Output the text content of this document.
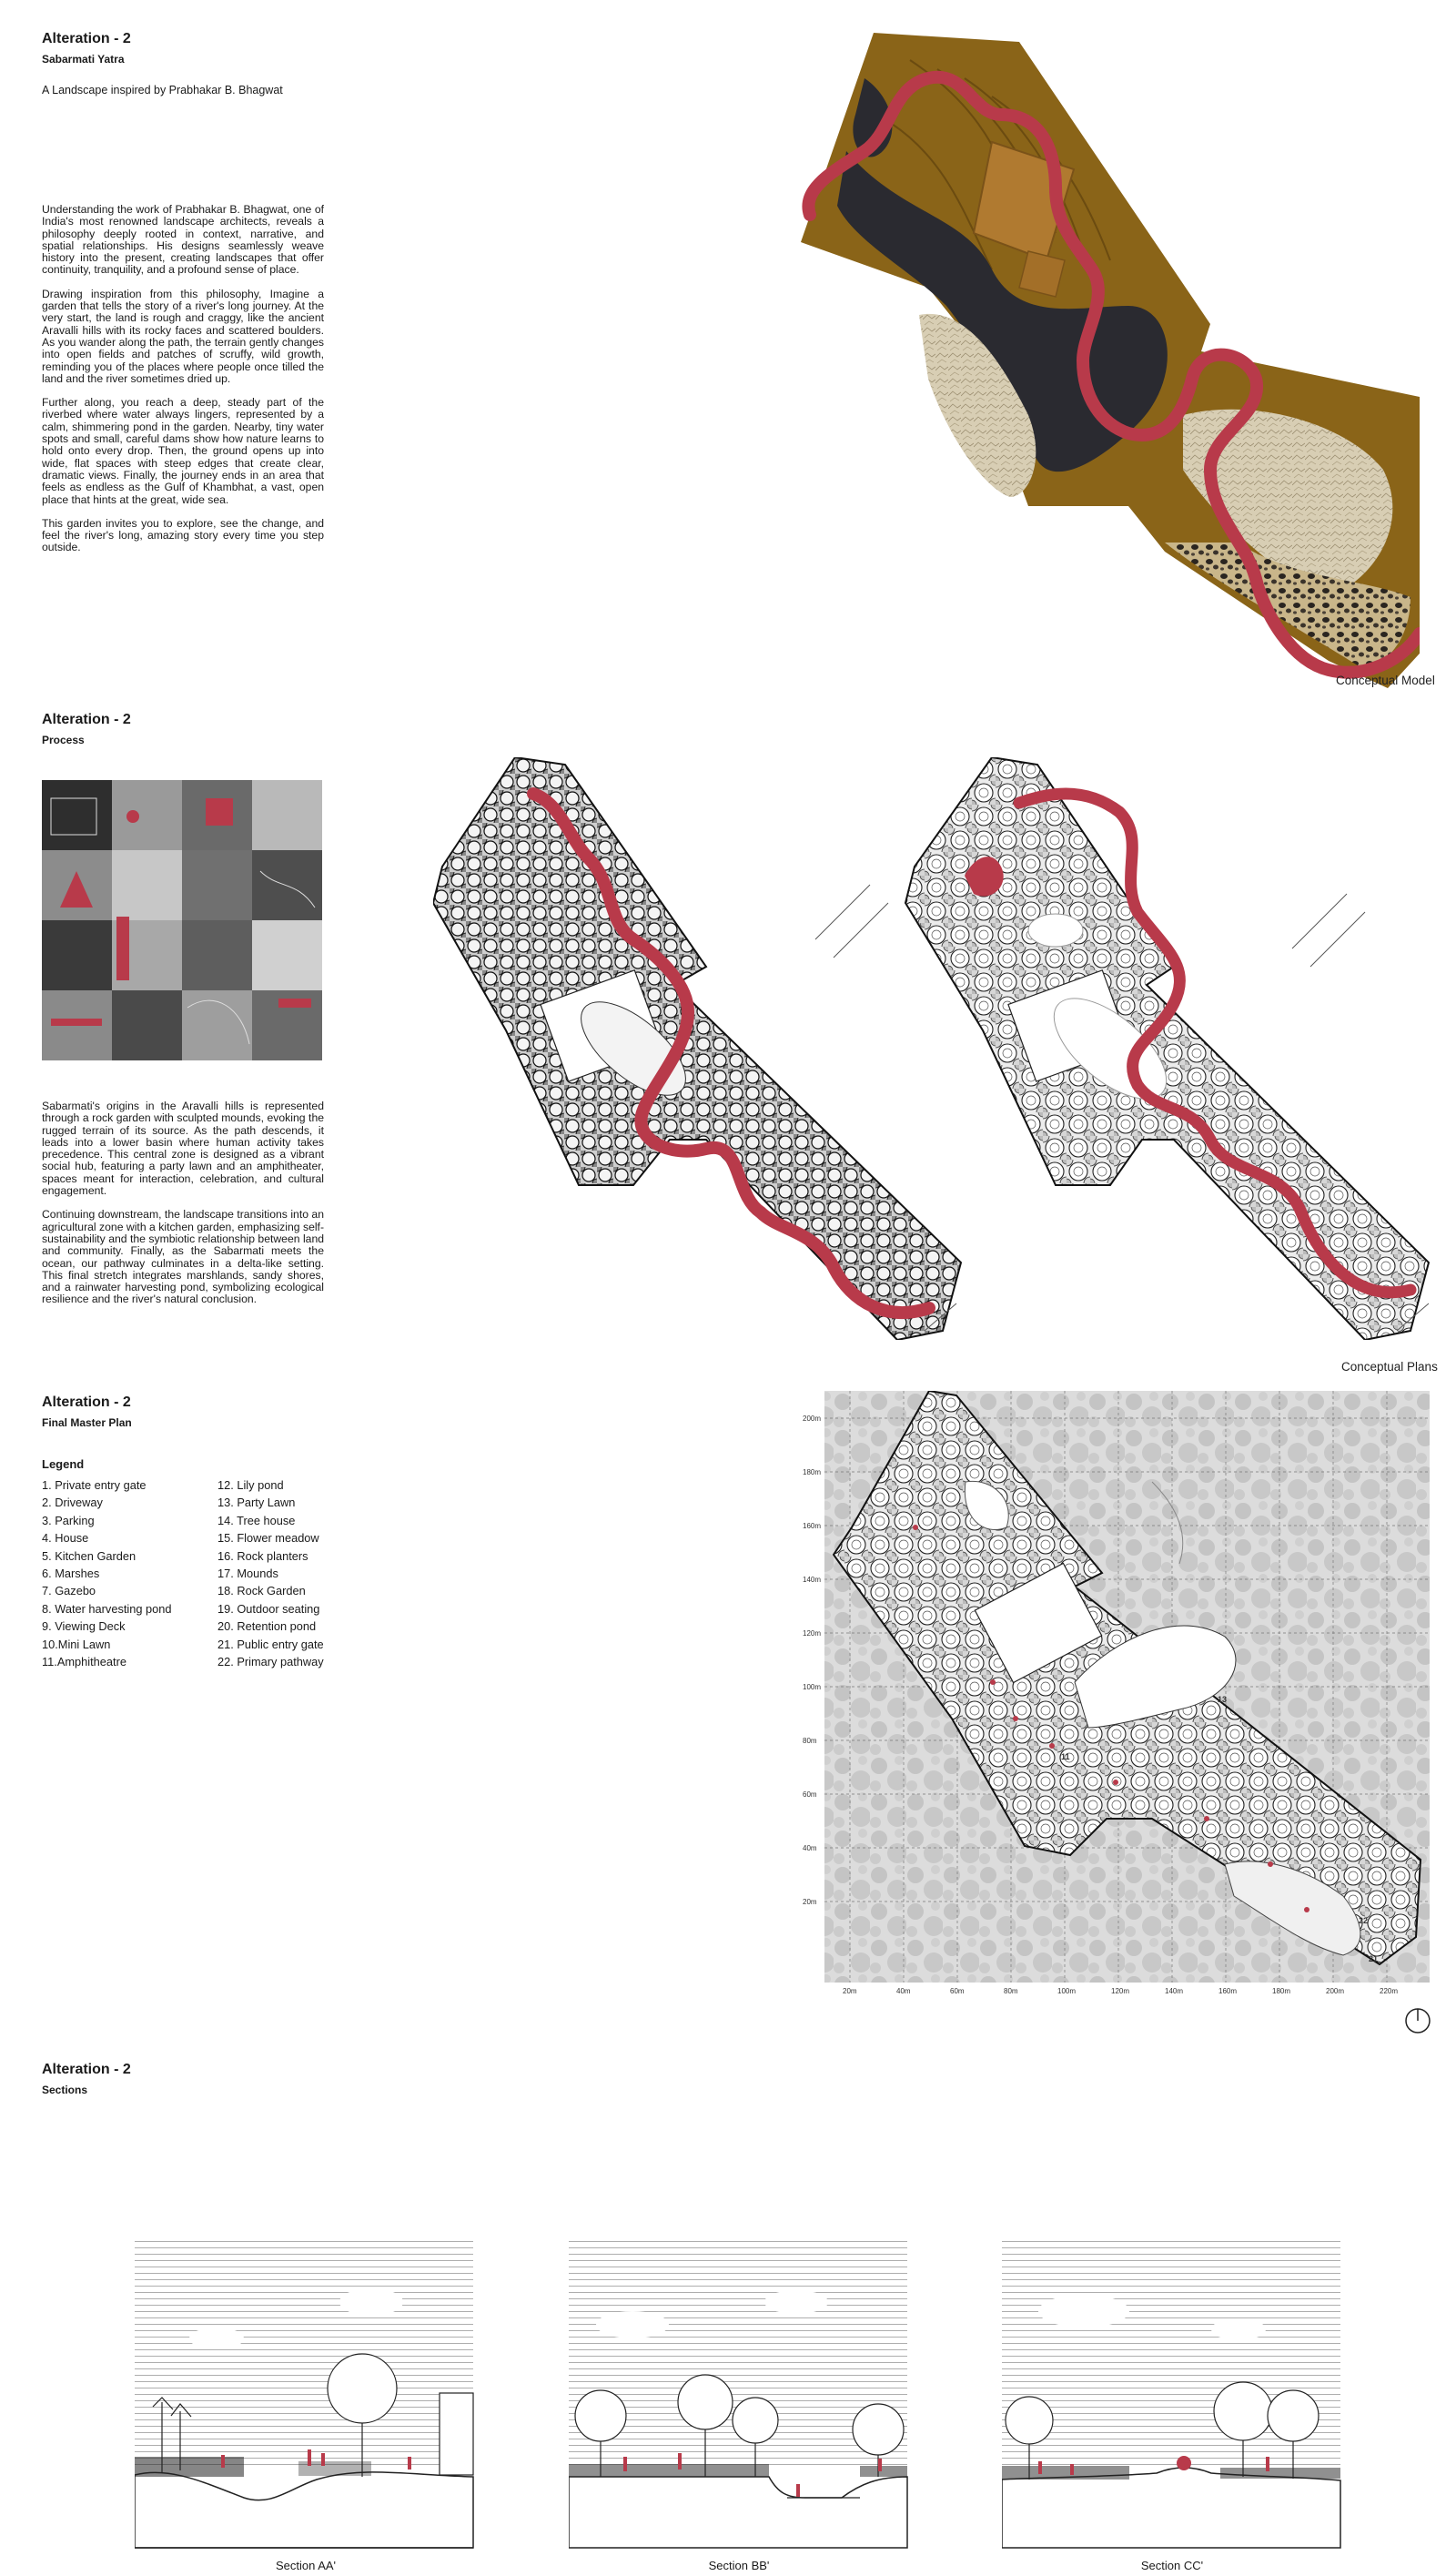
Alteration - 2
Sabarmati Yatra
A Landscape inspired by Prabhakar B. Bhagwat

Understanding the work of Prabhakar B. Bhagwat, one of India's most renowned landscape architects, reveals a philosophy deeply rooted in context, narrative, and spatial relationships. His designs seamlessly weave history into the present, creating landscapes that offer continuity, tranquility, and a profound sense of place.

Drawing inspiration from this philosophy, Imagine a garden that tells the story of a river's long journey. At the very start, the land is rough and craggy, like the ancient Aravalli hills with its rocky faces and scattered boulders. As you wander along the path, the terrain gently changes into open fields and patches of scruffy, wild growth, reminding you of the places where people once tilled the land and the river sometimes dried up.

Further along, you reach a deep, steady part of the riverbed where water always lingers, represented by a calm, shimmering pond in the garden. Nearby, tiny water spots and small, careful dams show how nature learns to hold onto every drop. Then, the ground opens up into wide, flat spaces with steep edges that create clear, dramatic views. Finally, the journey ends in an area that feels as endless as the Gulf of Khambhat, a vast, open place that hints at the great, wide sea.

This garden invites you to explore, see the change, and feel the river's long, amazing story every time you step outside.

Conceptual Model
Alteration - 2
Process

Sabarmati's origins in the Aravalli hills is represented through a rock garden with sculpted mounds, evoking the rugged terrain of its source. As the path descends, it leads into a lower basin where human activity takes precedence. This central zone is designed as a vibrant social hub, featuring a party lawn and an amphitheater, spaces meant for interaction, celebration, and cultural engagement.

Continuing downstream, the landscape transitions into an agricultural zone with a kitchen garden, emphasizing self-sustainability and the symbiotic relationship between land and community. Finally, as the Sabarmati meets the ocean, our pathway culminates in a delta-like setting. This final stretch integrates marshlands, sandy shores, and a rainwater harvesting pond, symbolizing ecological resilience and the river's natural conclusion.

Conceptual Plans
Alteration - 2
Final Master Plan
Legend
1. Private entry gate
2. Driveway
3. Parking
4. House
5. Kitchen Garden
6. Marshes
7. Gazebo
8. Water harvesting pond
9. Viewing Deck
10.Mini Lawn
11.Amphitheatre
12. Lily pond
13. Party Lawn
14. Tree house
15. Flower meadow
16. Rock planters
17. Mounds
18. Rock Garden
19. Outdoor seating
20. Retention pond
21. Public entry gate
22. Primary pathway
13
11
22
21
200m
180m
160m
140m
120m
100m
80m
60m
40m
20m
20m	40m	60m	80m	100m	120m	140m	160m	180m	200m	220m
Alteration - 2
Sections
Section AA'	Section BB'	Section CC'
